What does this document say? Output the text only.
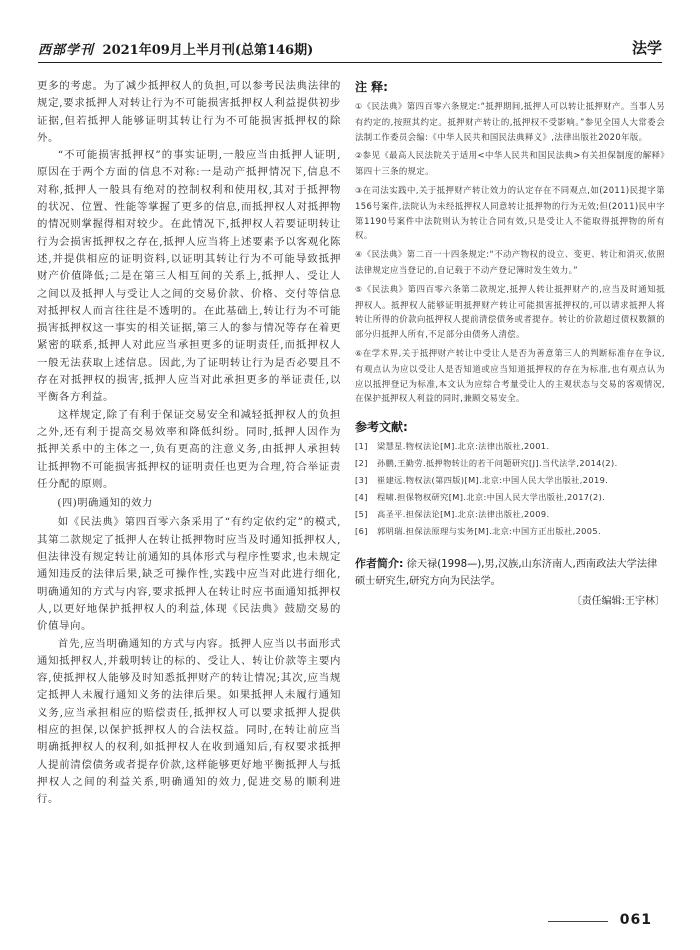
西部学刊 2021年09月上半月刊(总第146期)	法学

更多的考虑。为了减少抵押权人的负担,可以参考民法典法律的规定,要求抵押人对转让行为不可能损害抵押权人利益提供初步证据,但若抵押人能够证明其转让行为不可能损害抵押权的除外。

“不可能损害抵押权”的事实证明,一般应当由抵押人证明,原因在于两个方面的信息不对称:一是动产抵押情况下,信息不对称,抵押人一般具有绝对的控制权利和使用权,其对于抵押物的状况、位置、性能等掌握了更多的信息,而抵押权人对抵押物的情况则掌握得相对较少。在此情况下,抵押权人若要证明转让行为会损害抵押权之存在,抵押人应当将上述要素予以客观化陈述,并提供相应的证明资料,以证明其转让行为不可能导致抵押财产价值降低;二是在第三人相互间的关系上,抵押人、受让人之间以及抵押人与受让人之间的交易价款、价格、交付等信息对抵押权人而言往往是不透明的。在此基础上,转让行为不可能损害抵押权这一事实的相关证据,第三人的参与情况等存在着更紧密的联系,抵押人对此应当承担更多的证明责任,而抵押权人一般无法获取上述信息。因此,为了证明转让行为是否必要且不存在对抵押权的损害,抵押人应当对此承担更多的举证责任,以平衡各方利益。

这样规定,除了有利于保证交易安全和减轻抵押权人的负担之外,还有利于提高交易效率和降低纠纷。同时,抵押人因作为抵押关系中的主体之一,负有更高的注意义务,由抵押人承担转让抵押物不可能损害抵押权的证明责任也更为合理,符合举证责任分配的原则。

(四)明确通知的效力

如《民法典》第四百零六条采用了“有约定依约定”的模式,其第二款规定了抵押人在转让抵押物时应当及时通知抵押权人,但法律没有规定转让前通知的具体形式与程序性要求,也未规定通知违反的法律后果,缺乏可操作性,实践中应当对此进行细化,明确通知的方式与内容,要求抵押人在转让时应书面通知抵押权人,以更好地保护抵押权人的利益,体现《民法典》鼓励交易的价值导向。

首先,应当明确通知的方式与内容。抵押人应当以书面形式通知抵押权人,并载明转让的标的、受让人、转让价款等主要内容,使抵押权人能够及时知悉抵押财产的转让情况;其次,应当规定抵押人未履行通知义务的法律后果。如果抵押人未履行通知义务,应当承担相应的赔偿责任,抵押权人可以要求抵押人提供相应的担保,以保护抵押权人的合法权益。同时,在转让前应当明确抵押权人的权利,如抵押权人在收到通知后,有权要求抵押人提前清偿债务或者提存价款,这样能够更好地平衡抵押人与抵押权人之间的利益关系,明确通知的效力,促进交易的顺利进行。

注 释:
①《民法典》第四百零六条规定:“抵押期间,抵押人可以转让抵押财产。当事人另有约定的,按照其约定。抵押财产转让的,抵押权不受影响。”参见全国人大常委会法制工作委员会编:《中华人民共和国民法典释义》,法律出版社2020年版。
②参见《最高人民法院关于适用<中华人民共和国民法典>有关担保制度的解释》第四十三条的规定。
③在司法实践中,关于抵押财产转让效力的认定存在不同观点,如(2011)民提字第156号案件,法院认为未经抵押权人同意转让抵押物的行为无效;但(2011)民申字第1190号案件中法院则认为转让合同有效,只是受让人不能取得抵押物的所有权。
④《民法典》第二百一十四条规定:“不动产物权的设立、变更、转让和消灭,依照法律规定应当登记的,自记载于不动产登记簿时发生效力。”
⑤《民法典》第四百零六条第二款规定,抵押人转让抵押财产的,应当及时通知抵押权人。抵押权人能够证明抵押财产转让可能损害抵押权的,可以请求抵押人将转让所得的价款向抵押权人提前清偿债务或者提存。转让的价款超过债权数额的部分归抵押人所有,不足部分由债务人清偿。
⑥在学术界,关于抵押财产转让中受让人是否为善意第三人的判断标准存在争议,有观点认为应以受让人是否知道或应当知道抵押权的存在为标准,也有观点认为应以抵押登记为标准,本文认为应综合考量受让人的主观状态与交易的客观情况,在保护抵押权人利益的同时,兼顾交易安全。
参考文献:
[1]	梁慧星.物权法论[M].北京:法律出版社,2001.
[2]	孙鹏,王勤劳.抵押物转让的若干问题研究[J].当代法学,2014(2).
[3]	崔建远.物权法(第四版)[M].北京:中国人民大学出版社,2019.
[4]	程啸.担保物权研究[M].北京:中国人民大学出版社,2017(2).
[5]	高圣平.担保法论[M].北京:法律出版社,2009.
[6]	郭明瑞.担保法原理与实务[M].北京:中国方正出版社,2005.
作者简介: 徐天禄(1998—),男,汉族,山东济南人,西南政法大学法律硕士研究生,研究方向为民法学。
〔责任编辑:王宇林〕
061
